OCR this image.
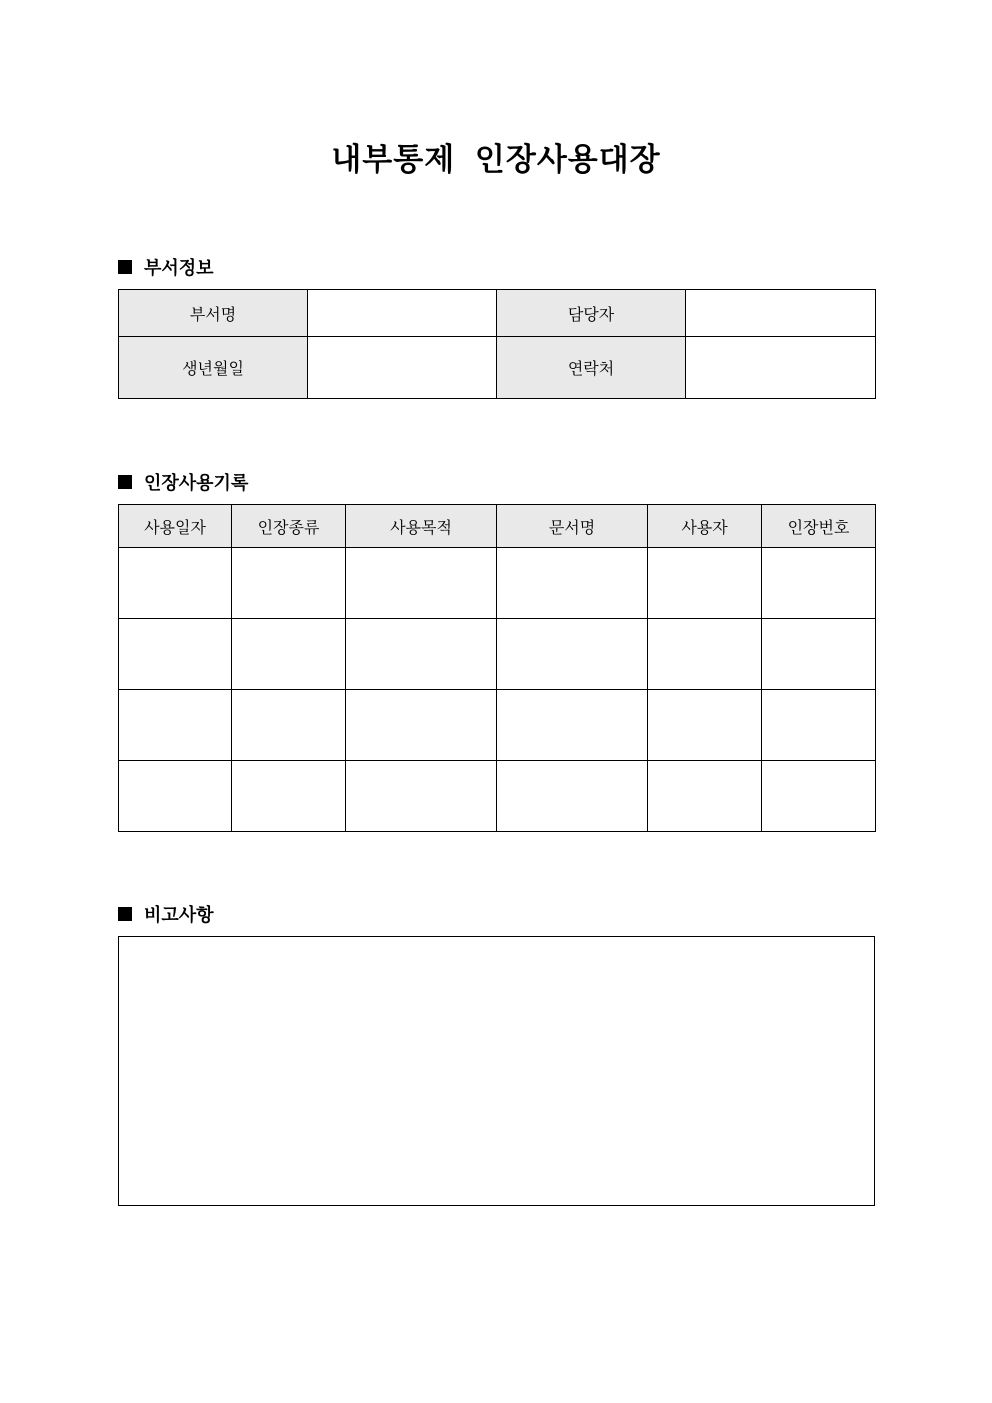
내부통제 인장사용대장
부서정보
부서명		담당자	
생년월일		연락처	
인장사용기록
사용일자	인장종류	사용목적	문서명	사용자	인장번호

비고사항
